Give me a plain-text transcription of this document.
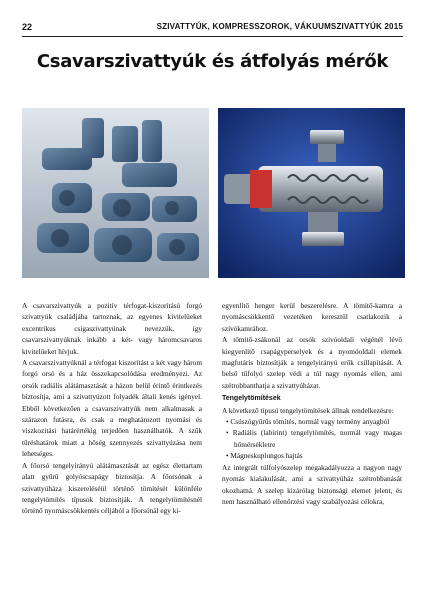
22	SZIVATTYÚK, KOMPRESSZOROK, VÁKUUMSZIVATTYÚK 2015
Csavarszivattyúk és átfolyás mérők

A csavarszivattyúk a pozitív térfogat-kiszorítású forgó szivattyúk családjába tartoznak, az egyenes kivitelűeket excentrikus csigaszivattyúnak nevezzük, így csavarszivattyúknak inkább a két- vagy háromcsavaros kivitelűeket hívjuk.

A csavarszivattyúknál a térfogat kiszorítást a két vagy három forgó orsó és a ház összekapcsolódása eredményezi. Az orsók radiális alátámasztását a házon belül érintő érintkezés biztosítja, ami a szivattyúzott folyadék általi kenés igényel. Ebből következően a csavarszivattyúk nem alkalmasak a szárazon futásra, és csak a meghatározott nyomási és viszkozitási határértékig terjedően használhatók. A szűk tűréshatárok miatt a hőség szennyezés szivattyúzása nem lehetséges.

A főorsó tengelyirányú alátámasztását az egész élettartam alatt gyűrű golyóscsapágy biztosítja. A főorsónak a szivattyúháza kiszereléséül történő tömítését különféle tengelytömítés típusok biztosítják. A tengelytömítésnél történő nyomáscsökkentés céljából a főorsónál egy ki-

egyenlítő henger kerül beszerelésre. A tömítő-kamra a nyomáscsökkentő vezetéken keresztül csatlakozik a szívókamrához.

A tömítő-zsákonál az orsók szivóoldali végénél lévő kiegyenlítő csapágyperselyek és a nyomóoldali elemek magfutáris biztosítják a tengelyirányú erők csillapítását. A belső tűfolyó szelep védi a túl nagy nyomás ellen, ami szétrobbanthatja a szivattyúházat.

Tengelytömítések

A következő típusú tengelytömítések állnak rendelkezésre:

• Csúszógyűrűs tömítés, normál vagy termény anyagból

• Radiális (labirint) tengelytömítés, normál vagy magas hőmérsékletre

• Mágneskuplungos hajtás

Az integrált túlfolyószelep megakadályozza a nagyon nagy nyomás kialakulását, ami a szivattyúház szétrobbanását okozhatná. A szelep kizárólag biztonsági elemet jelent, és nem használható ellenőrzési vagy szabályozási célokra,
